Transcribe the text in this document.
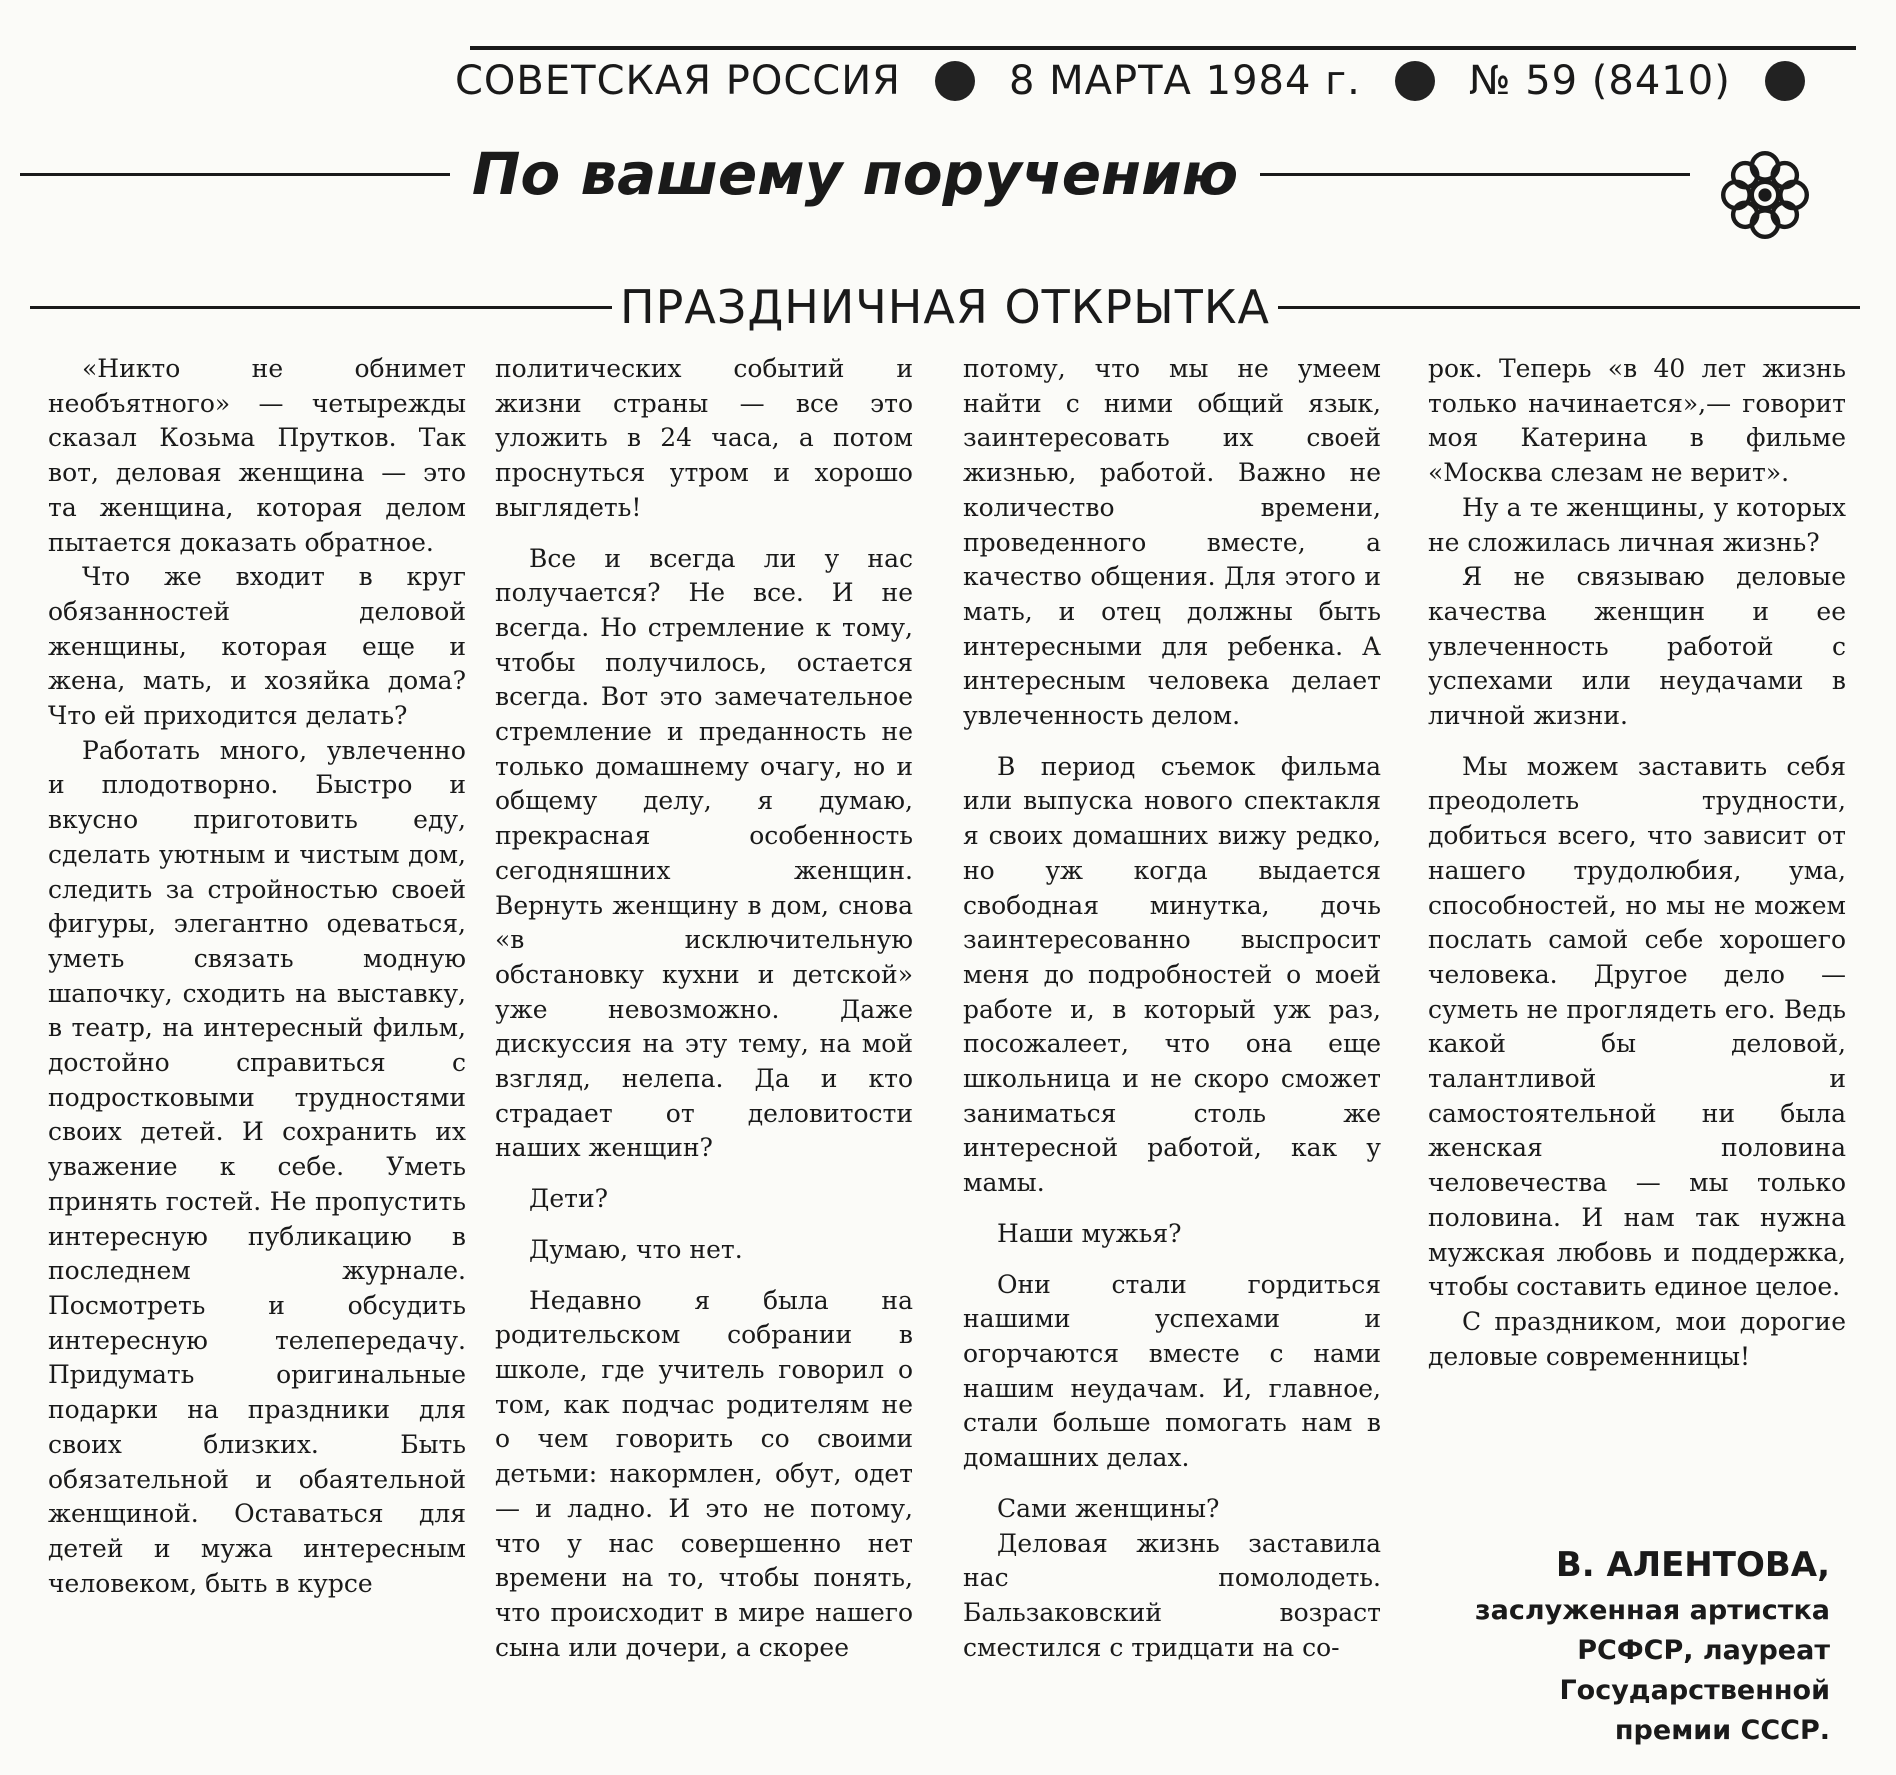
СОВЕТСКАЯ РОССИЯ	8 МАРТА 1984 г.	№ 59 (8410)
По вашему поручению
ПРАЗДНИЧНАЯ ОТКРЫТКА

«Никто не обнимет необъятного» — четырежды сказал Козьма Прутков. Так вот, деловая женщина — это та женщина, которая делом пытается доказать обратное.

Что же входит в круг обязанностей деловой женщины, которая еще и жена, мать, и хозяйка дома? Что ей приходится делать?

Работать много, увлеченно и плодотворно. Быстро и вкусно приготовить еду, сделать уютным и чистым дом, следить за стройностью своей фигуры, элегантно одеваться, уметь связать модную шапочку, сходить на выставку, в театр, на интересный фильм, достойно справиться с подростковыми трудностями своих детей. И сохранить их уважение к себе. Уметь принять гостей. Не пропустить интересную публикацию в последнем журнале. Посмотреть и обсудить интересную телепередачу. Придумать оригинальные подарки на праздники для своих близких. Быть обязательной и обаятельной женщиной. Оставаться для детей и мужа интересным человеком, быть в курсе

политических событий и жизни страны — все это уложить в 24 часа, а потом проснуться утром и хорошо выглядеть!

Все и всегда ли у нас получается? Не все. И не всегда. Но стремление к тому, чтобы получилось, остается всегда. Вот это замечательное стремление и преданность не только домашнему очагу, но и общему делу, я думаю, прекрасная особенность сегодняшних женщин. Вернуть женщину в дом, снова «в исключительную обстановку кухни и детской» уже невозможно. Даже дискуссия на эту тему, на мой взгляд, нелепа. Да и кто страдает от деловитости наших женщин?

Дети?

Думаю, что нет.

Недавно я была на родительском собрании в школе, где учитель говорил о том, как подчас родителям не о чем говорить со своими детьми: накормлен, обут, одет — и ладно. И это не потому, что у нас совершенно нет времени на то, чтобы понять, что происходит в мире нашего сына или дочери, а скорее

потому, что мы не умеем найти с ними общий язык, заинтересовать их своей жизнью, работой. Важно не количество времени, проведенного вместе, а качество общения. Для этого и мать, и отец должны быть интересными для ребенка. А интересным человека делает увлеченность делом.

В период съемок фильма или выпуска нового спектакля я своих домашних вижу редко, но уж когда выдается свободная минутка, дочь заинтересованно выспросит меня до подробностей о моей работе и, в который уж раз, посожалеет, что она еще школьница и не скоро сможет заниматься столь же интересной работой, как у мамы.

Наши мужья?

Они стали гордиться нашими успехами и огорчаются вместе с нами нашим неудачам. И, главное, стали больше помогать нам в домашних делах.

Сами женщины?

Деловая жизнь заставила нас помолодеть. Бальзаковский возраст сместился с тридцати на со-

рок. Теперь «в 40 лет жизнь только начинается»,— говорит моя Катерина в фильме «Москва слезам не верит».

Ну а те женщины, у которых не сложилась личная жизнь?

Я не связываю деловые качества женщин и ее увлеченность работой с успехами или неудачами в личной жизни.

Мы можем заставить себя преодолеть трудности, добиться всего, что зависит от нашего трудолюбия, ума, способностей, но мы не можем послать самой себе хорошего человека. Другое дело — суметь не проглядеть его. Ведь какой бы деловой, талантливой и самостоятельной ни была женская половина человечества — мы только половина. И нам так нужна мужская любовь и поддержка, чтобы составить единое целое.

С праздником, мои дорогие деловые современницы!

В. АЛЕНТОВА,
заслуженная артистка РСФСР, лауреат
Государственной
премии СССР.
